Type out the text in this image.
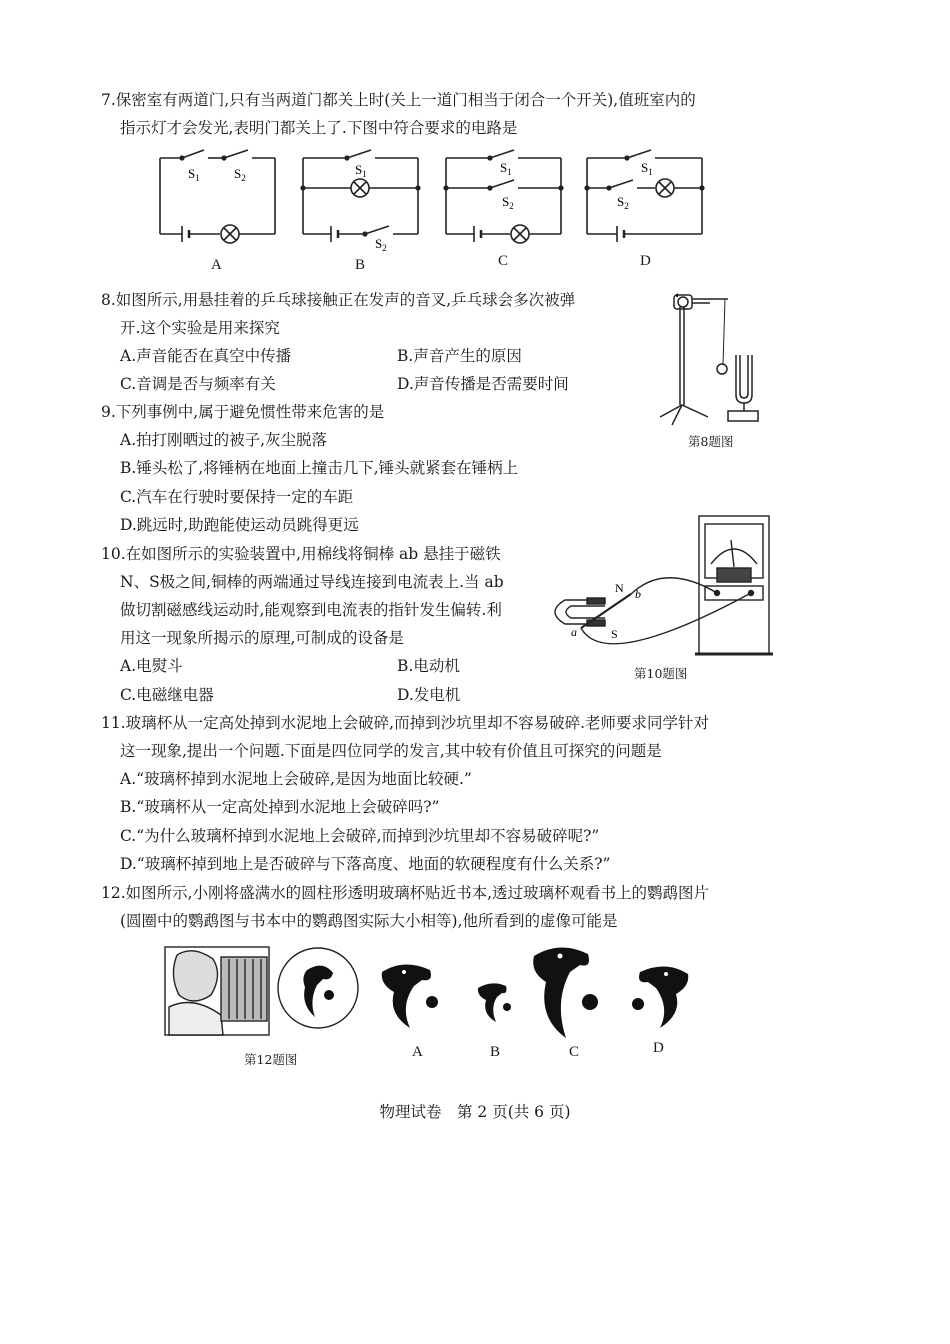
7.保密室有两道门,只有当两道门都关上时(关上一道门相当于闭合一个开关),值班室内的
指示灯才会发光,表明门都关上了.下图中符合要求的电路是
$S_1$	$S_2$
A
$S_1$
$S_2$
B
$S_1$
$S_2$
C
$S_1$
$S_2$
D
8.如图所示,用悬挂着的乒乓球接触正在发声的音叉,乒乓球会多次被弹
开.这个实验是用来探究
A.声音能否在真空中传播	B.声音产生的原因
C.音调是否与频率有关	D.声音传播是否需要时间
◐
第8题图
9.下列事例中,属于避免惯性带来危害的是
A.拍打刚晒过的被子,灰尘脱落
B.锤头松了,将锤柄在地面上撞击几下,锤头就紧套在锤柄上
C.汽车在行驶时要保持一定的车距
D.跳远时,助跑能使运动员跳得更远
10.在如图所示的实验装置中,用棉线将铜棒 ab 悬挂于磁铁
N、S极之间,铜棒的两端通过导线连接到电流表上.当 ab
做切割磁感线运动时,能观察到电流表的指针发生偏转.利
用这一现象所揭示的原理,可制成的设备是
A.电熨斗	B.电动机
C.电磁继电器	D.发电机
N
S
a
b
第10题图
11.玻璃杯从一定高处掉到水泥地上会破碎,而掉到沙坑里却不容易破碎.老师要求同学针对
这一现象,提出一个问题.下面是四位同学的发言,其中较有价值且可探究的问题是
A.“玻璃杯掉到水泥地上会破碎,是因为地面比较硬.”
B.“玻璃杯从一定高处掉到水泥地上会破碎吗?”
C.“为什么玻璃杯掉到水泥地上会破碎,而掉到沙坑里却不容易破碎呢?”
D.“玻璃杯掉到地上是否破碎与下落高度、地面的软硬程度有什么关系?”
12.如图所示,小刚将盛满水的圆柱形透明玻璃杯贴近书本,透过玻璃杯观看书上的鹦鹉图片
(圆圈中的鹦鹉图与书本中的鹦鹉图实际大小相等),他所看到的虚像可能是
第12题图	A	B	C	D
物理试卷　第 2 页(共 6 页)
